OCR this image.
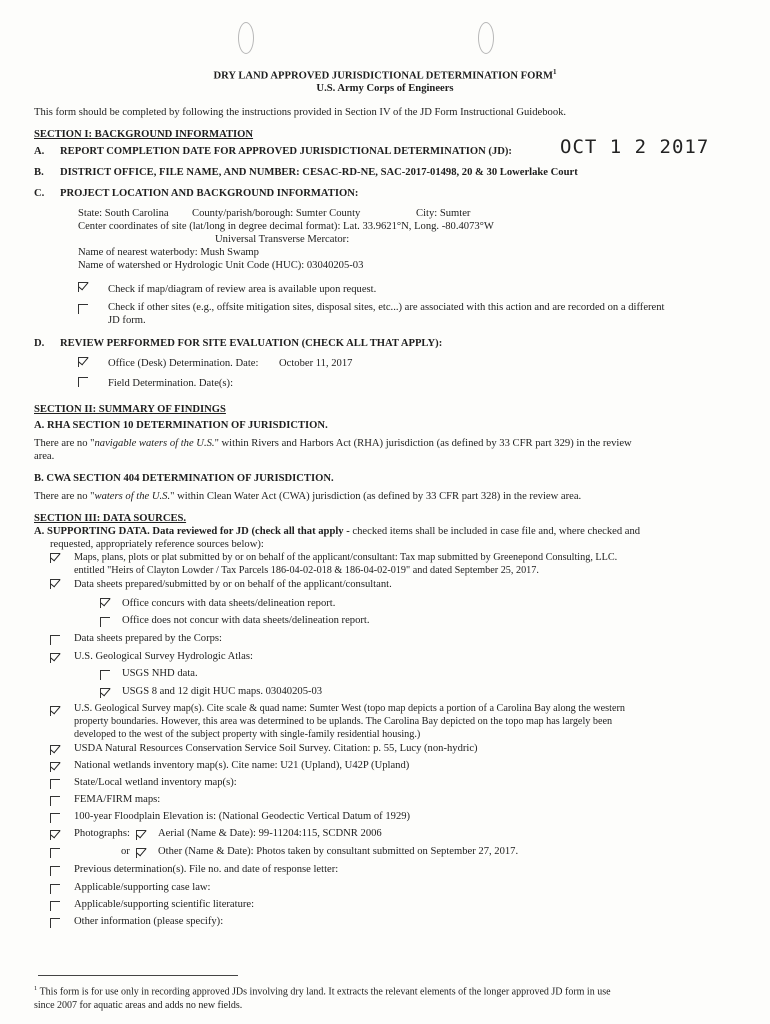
DRY LAND APPROVED JURISDICTIONAL DETERMINATION FORM$^1$
U.S. Army Corps of Engineers
This form should be completed by following the instructions provided in Section IV of the JD Form Instructional Guidebook.
SECTION I: BACKGROUND INFORMATION
A. REPORT COMPLETION DATE FOR APPROVED JURISDICTIONAL DETERMINATION (JD):	OCT 1 2 2017
B. DISTRICT OFFICE, FILE NAME, AND NUMBER: CESAC-RD-NE, SAC-2017-01498, 20 & 30 Lowerlake Court
C. PROJECT LOCATION AND BACKGROUND INFORMATION:
State: South Carolina County/parish/borough: Sumter County	City: Sumter
Center coordinates of site (lat/long in degree decimal format): Lat. 33.9621°N, Long. -80.4073°W
Universal Transverse Mercator:
Name of nearest waterbody: Mush Swamp
Name of watershed or Hydrologic Unit Code (HUC): 03040205-03
Check if map/diagram of review area is available upon request.
Check if other sites (e.g., offsite mitigation sites, disposal sites, etc...) are associated with this action and are recorded on a different
JD form.
D. REVIEW PERFORMED FOR SITE EVALUATION (CHECK ALL THAT APPLY):
Office (Desk) Determination. Date: October 11, 2017
Field Determination. Date(s):
SECTION II: SUMMARY OF FINDINGS
A. RHA SECTION 10 DETERMINATION OF JURISDICTION.
There are no "navigable waters of the U.S." within Rivers and Harbors Act (RHA) jurisdiction (as defined by 33 CFR part 329) in the review
area.
B. CWA SECTION 404 DETERMINATION OF JURISDICTION.
There are no "waters of the U.S." within Clean Water Act (CWA) jurisdiction (as defined by 33 CFR part 328) in the review area.
SECTION III: DATA SOURCES.
A. SUPPORTING DATA. Data reviewed for JD (check all that apply - checked items shall be included in case file and, where checked and
requested, appropriately reference sources below):
Maps, plans, plots or plat submitted by or on behalf of the applicant/consultant: Tax map submitted by Greenepond Consulting, LLC.
entitled "Heirs of Clayton Lowder / Tax Parcels 186-04-02-018 & 186-04-02-019" and dated September 25, 2017.
Data sheets prepared/submitted by or on behalf of the applicant/consultant.
Office concurs with data sheets/delineation report.
Office does not concur with data sheets/delineation report.
Data sheets prepared by the Corps:
U.S. Geological Survey Hydrologic Atlas:
USGS NHD data.
USGS 8 and 12 digit HUC maps. 03040205-03
U.S. Geological Survey map(s). Cite scale & quad name: Sumter West (topo map depicts a portion of a Carolina Bay along the western
property boundaries. However, this area was determined to be uplands. The Carolina Bay depicted on the topo map has largely been
developed to the west of the subject property with single-family residential housing.)
USDA Natural Resources Conservation Service Soil Survey. Citation: p. 55, Lucy (non-hydric)
National wetlands inventory map(s). Cite name: U21 (Upland), U42P (Upland)
State/Local wetland inventory map(s):
FEMA/FIRM maps:
100-year Floodplain Elevation is: (National Geodectic Vertical Datum of 1929)
Photographs:	Aerial (Name & Date): 99-11204:115, SCDNR 2006
or	Other (Name & Date): Photos taken by consultant submitted on September 27, 2017.
Previous determination(s). File no. and date of response letter:
Applicable/supporting case law:
Applicable/supporting scientific literature:
Other information (please specify):
$^1$ This form is for use only in recording approved JDs involving dry land. It extracts the relevant elements of the longer approved JD form in use
since 2007 for aquatic areas and adds no new fields.
